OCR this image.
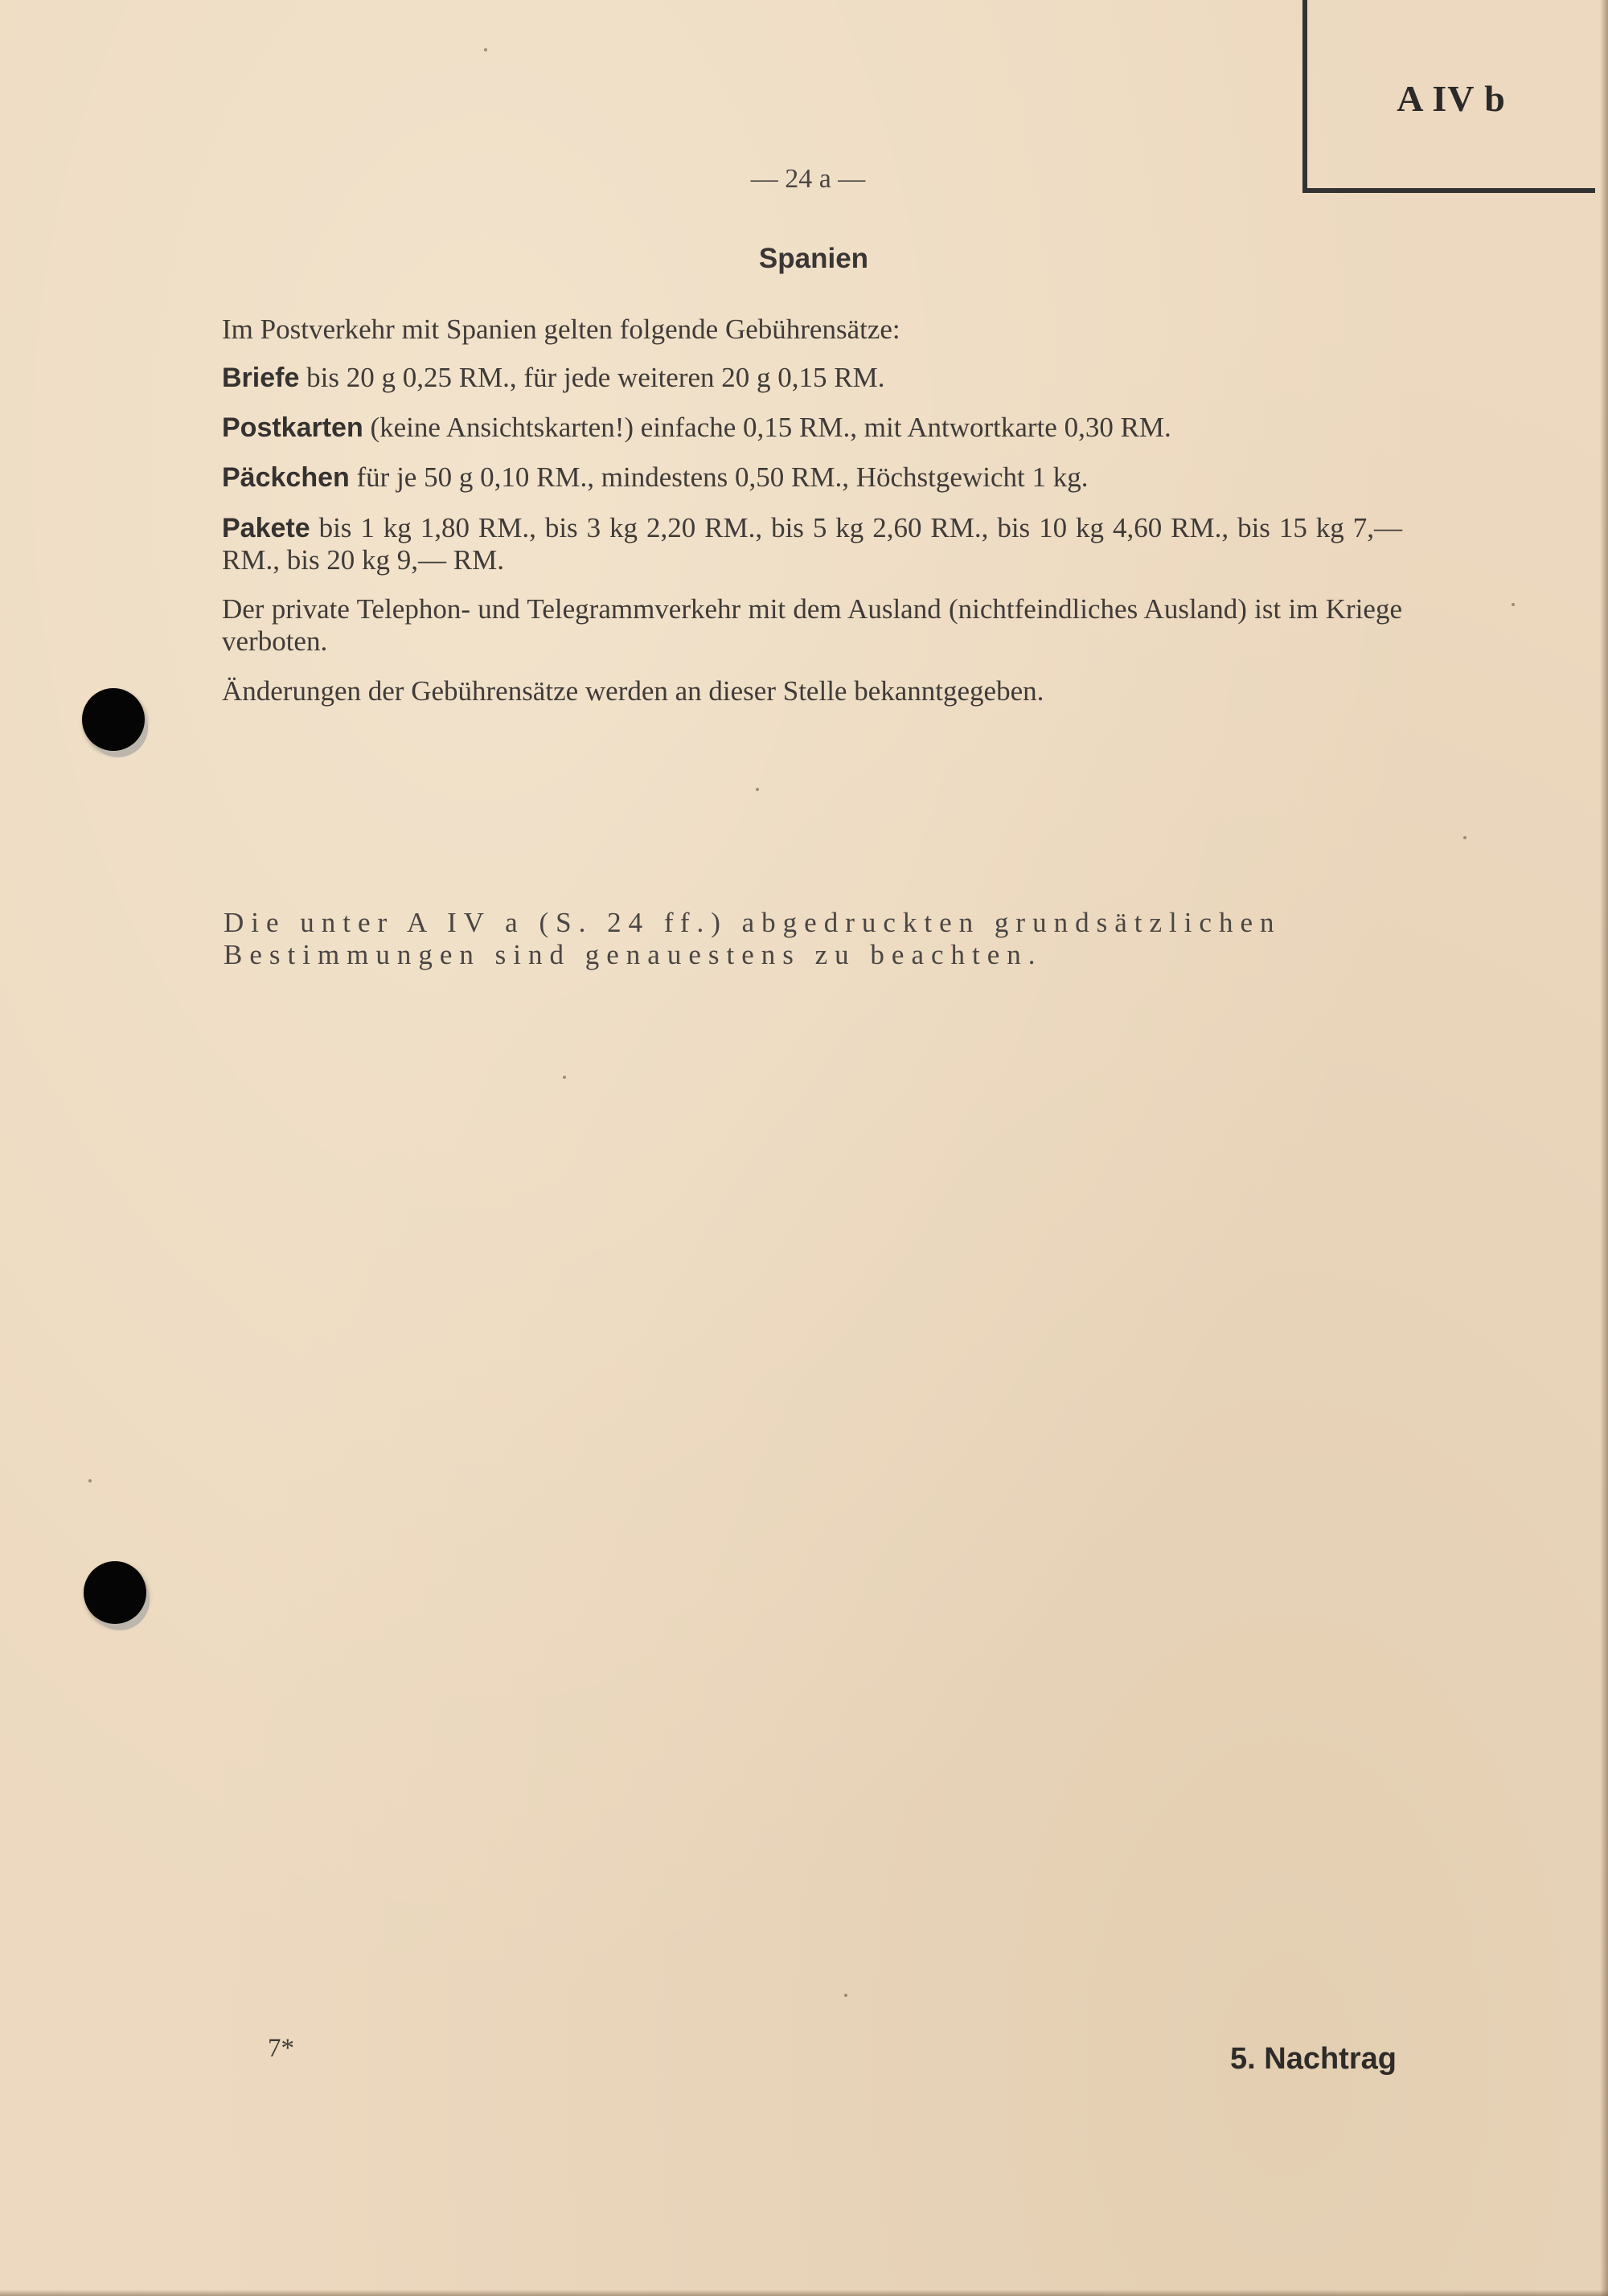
A IV b
— 24 a —
Spanien
Im Postverkehr mit Spanien gelten folgende Gebührensätze:
Briefe bis 20 g 0,25 RM., für jede weiteren 20 g 0,15 RM.
Postkarten (keine Ansichtskarten!) einfache 0,15 RM., mit Antwortkarte 0,30 RM.
Päckchen für je 50 g 0,10 RM., mindestens 0,50 RM., Höchstgewicht 1 kg.
Pakete bis 1 kg 1,80 RM., bis 3 kg 2,20 RM., bis 5 kg 2,60 RM., bis 10 kg 4,60 RM., bis 15 kg 7,— RM., bis 20 kg 9,— RM.
Der private Telephon- und Telegrammverkehr mit dem Ausland (nichtfeindliches Ausland) ist im Kriege verboten.
Änderungen der Gebührensätze werden an dieser Stelle bekanntgegeben.
Die unter A IV a (S. 24 ff.) abgedruckten grundsätzlichen Bestimmungen sind genauestens zu beachten.
7*	5. Nachtrag
